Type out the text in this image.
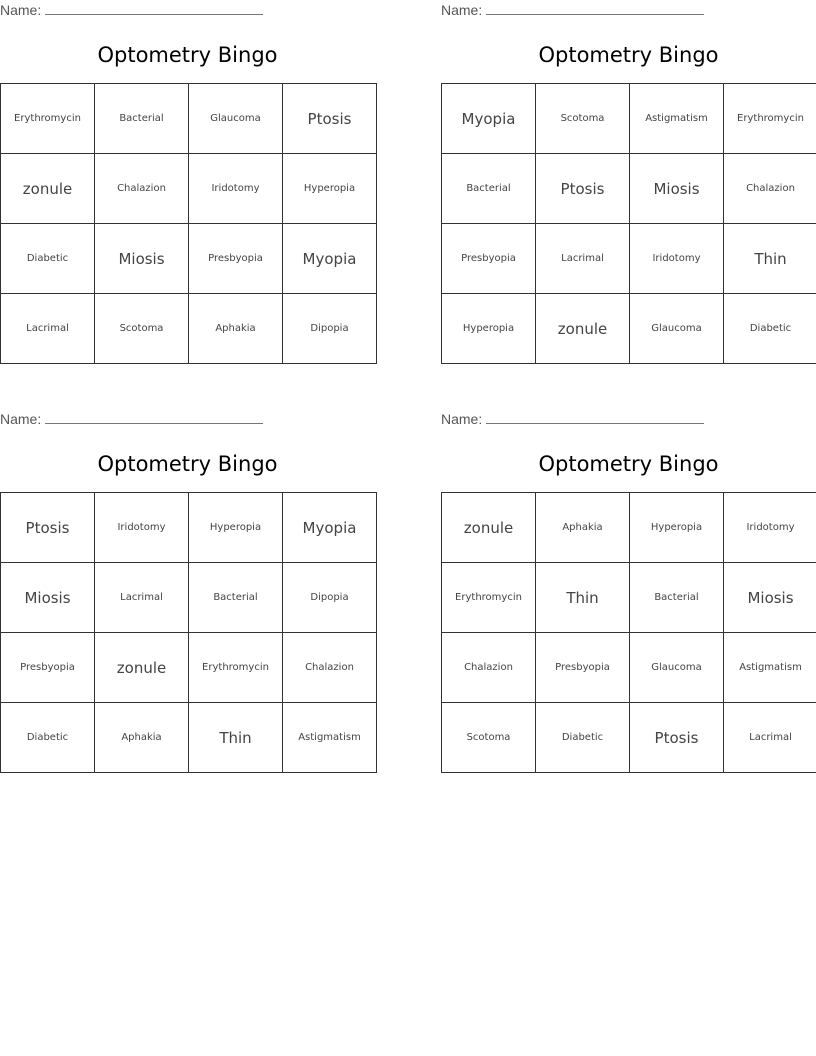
Name:
Optometry Bingo
Erythromycin	Bacterial	Glaucoma	Ptosis
zonule	Chalazion	Iridotomy	Hyperopia
Diabetic	Miosis	Presbyopia	Myopia
Lacrimal	Scotoma	Aphakia	Dipopia
Name:
Optometry Bingo
Myopia	Scotoma	Astigmatism	Erythromycin
Bacterial	Ptosis	Miosis	Chalazion
Presbyopia	Lacrimal	Iridotomy	Thin
Hyperopia	zonule	Glaucoma	Diabetic
Name:
Optometry Bingo
Ptosis	Iridotomy	Hyperopia	Myopia
Miosis	Lacrimal	Bacterial	Dipopia
Presbyopia	zonule	Erythromycin	Chalazion
Diabetic	Aphakia	Thin	Astigmatism
Name:
Optometry Bingo
zonule	Aphakia	Hyperopia	Iridotomy
Erythromycin	Thin	Bacterial	Miosis
Chalazion	Presbyopia	Glaucoma	Astigmatism
Scotoma	Diabetic	Ptosis	Lacrimal
